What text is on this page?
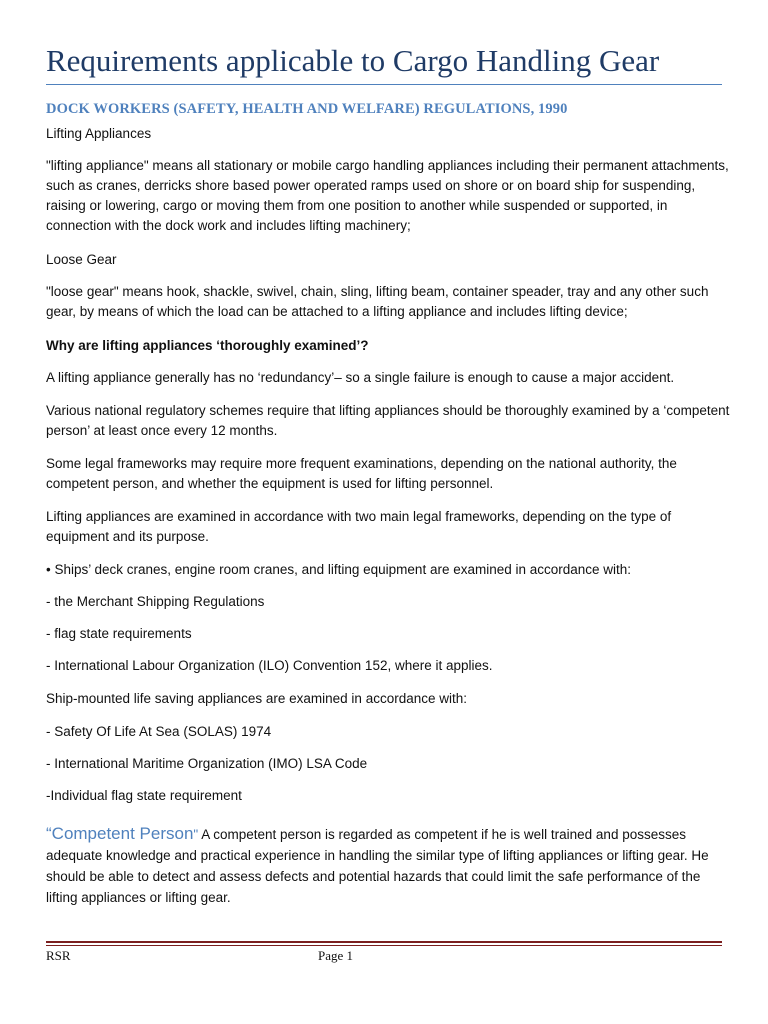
Requirements applicable to Cargo Handling Gear
DOCK WORKERS (SAFETY, HEALTH AND WELFARE) REGULATIONS, 1990
Lifting Appliances
"lifting appliance" means all stationary or mobile cargo handling appliances including their permanent attachments, such as cranes, derricks shore based power operated ramps used on shore or on board ship for suspending, raising or lowering, cargo or moving them from one position to another while suspended or supported, in connection with the dock work and includes lifting machinery;
Loose Gear
"loose gear" means hook, shackle, swivel, chain, sling, lifting beam, container speader, tray and any other such gear, by means of which the load can be attached to a lifting appliance and includes lifting device;
Why are lifting appliances ‘thoroughly examined’?
A lifting appliance generally has no ‘redundancy’– so a single failure is enough to cause a major accident.
Various national regulatory schemes require that lifting appliances should be thoroughly examined by a ‘competent person’ at least once every 12 months.
Some legal frameworks may require more frequent examinations, depending on the national authority, the competent person, and whether the equipment is used for lifting personnel.
Lifting appliances are examined in accordance with two main legal frameworks, depending on the type of equipment and its purpose.
• Ships’ deck cranes, engine room cranes, and lifting equipment are examined in accordance with:
- the Merchant Shipping Regulations
- flag state requirements
- International Labour Organization (ILO) Convention 152, where it applies.
Ship-mounted life saving appliances are examined in accordance with:
- Safety Of Life At Sea (SOLAS) 1974
- International Maritime Organization (IMO) LSA Code
-Individual flag state requirement
“Competent Person" A competent person is regarded as competent if he is well trained and possesses adequate knowledge and practical experience in handling the similar type of lifting appliances or lifting gear. He should be able to detect and assess defects and potential hazards that could limit the safe performance of the lifting appliances or lifting gear.
RSR	Page 1
